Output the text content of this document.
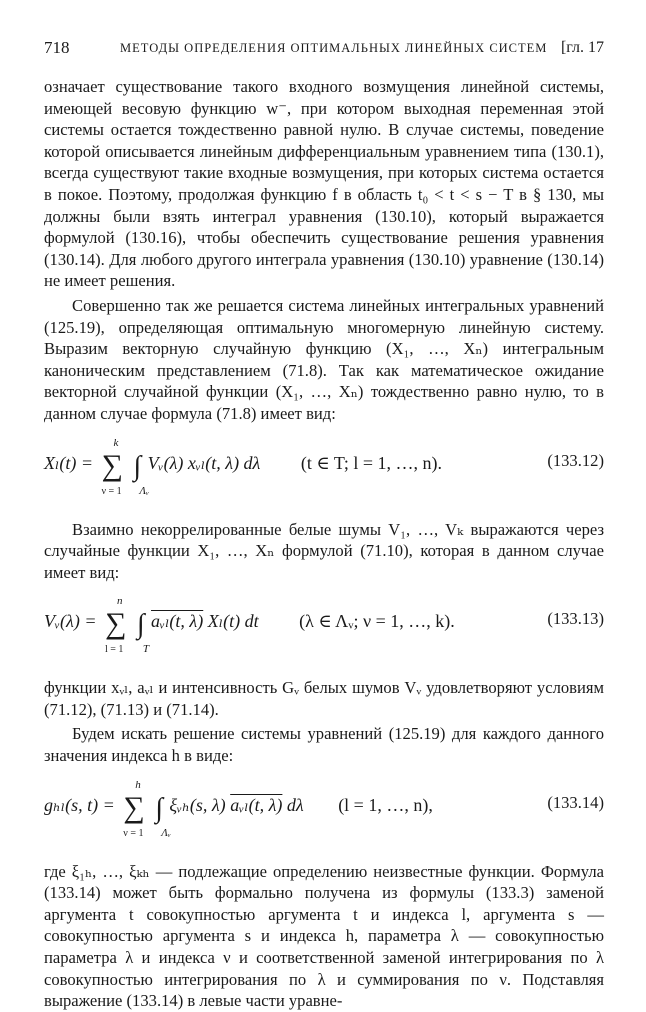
718	МЕТОДЫ ОПРЕДЕЛЕНИЯ ОПТИМАЛЬНЫХ ЛИНЕЙНЫХ СИСТЕМ [гл. 17

означает существование такого входного возмущения линейной системы, имеющей весовую функцию w⁻, при котором выходная переменная этой системы остается тождественно равной нулю. В случае системы, поведение которой описывается линейным дифференциальным уравнением типа (130.1), всегда существуют такие входные возмущения, при которых система остается в покое. Поэтому, продолжая функцию f в область t₀ < t < s − T в § 130, мы должны были взять интеграл уравнения (130.10), который выражается формулой (130.16), чтобы обеспечить существование решения уравнения (130.14). Для любого другого интеграла уравнения (130.10) уравнение (130.14) не имеет решения.

Совершенно так же решается система линейных интегральных уравнений (125.19), определяющая оптимальную многомерную линейную систему. Выразим векторную случайную функцию (X₁, …, Xₙ) интегральным каноническим представлением (71.8). Так как математическое ожидание векторной случайной функции (X₁, …, Xₙ) тождественно равно нулю, то в данном случае формула (71.8) имеет вид:

Xₗ(t) = ∑
k
ν = 1
∫
Λᵥ
Vᵥ(λ) xᵥₗ(t, λ) dλ (t ∈ T; l = 1, …, n).	(133.12)

Взаимно некоррелированные белые шумы V₁, …, Vₖ выражаются через случайные функции X₁, …, Xₙ формулой (71.10), которая в данном случае имеет вид:

Vᵥ(λ) = ∑
n
l = 1
∫
T
aᵥₗ(t, λ) Xₗ(t) dt (λ ∈ Λᵥ; ν = 1, …, k).	(133.13)

функции xᵥₗ, aᵥₗ и интенсивность Gᵥ белых шумов Vᵥ удовлетворяют условиям (71.12), (71.13) и (71.14).

Будем искать решение системы уравнений (125.19) для каждого данного значения индекса h в виде:

gₕₗ(s, t) = ∑
h
ν = 1
∫
Λᵥ
ξᵥₕ(s, λ) aᵥₗ(t, λ) dλ (l = 1, …, n),	(133.14)

где ξ₁ₕ, …, ξₖₕ — подлежащие определению неизвестные функции. Формула (133.14) может быть формально получена из формулы (133.3) заменой аргумента t совокупностью аргумента t и индекса l, аргумента s — совокупностью аргумента s и индекса h, параметра λ — совокупностью параметра λ и индекса ν и соответственной заменой интегрирования по λ совокупностью интегрирования по λ и суммирования по ν. Подставляя выражение (133.14) в левые части уравне-
